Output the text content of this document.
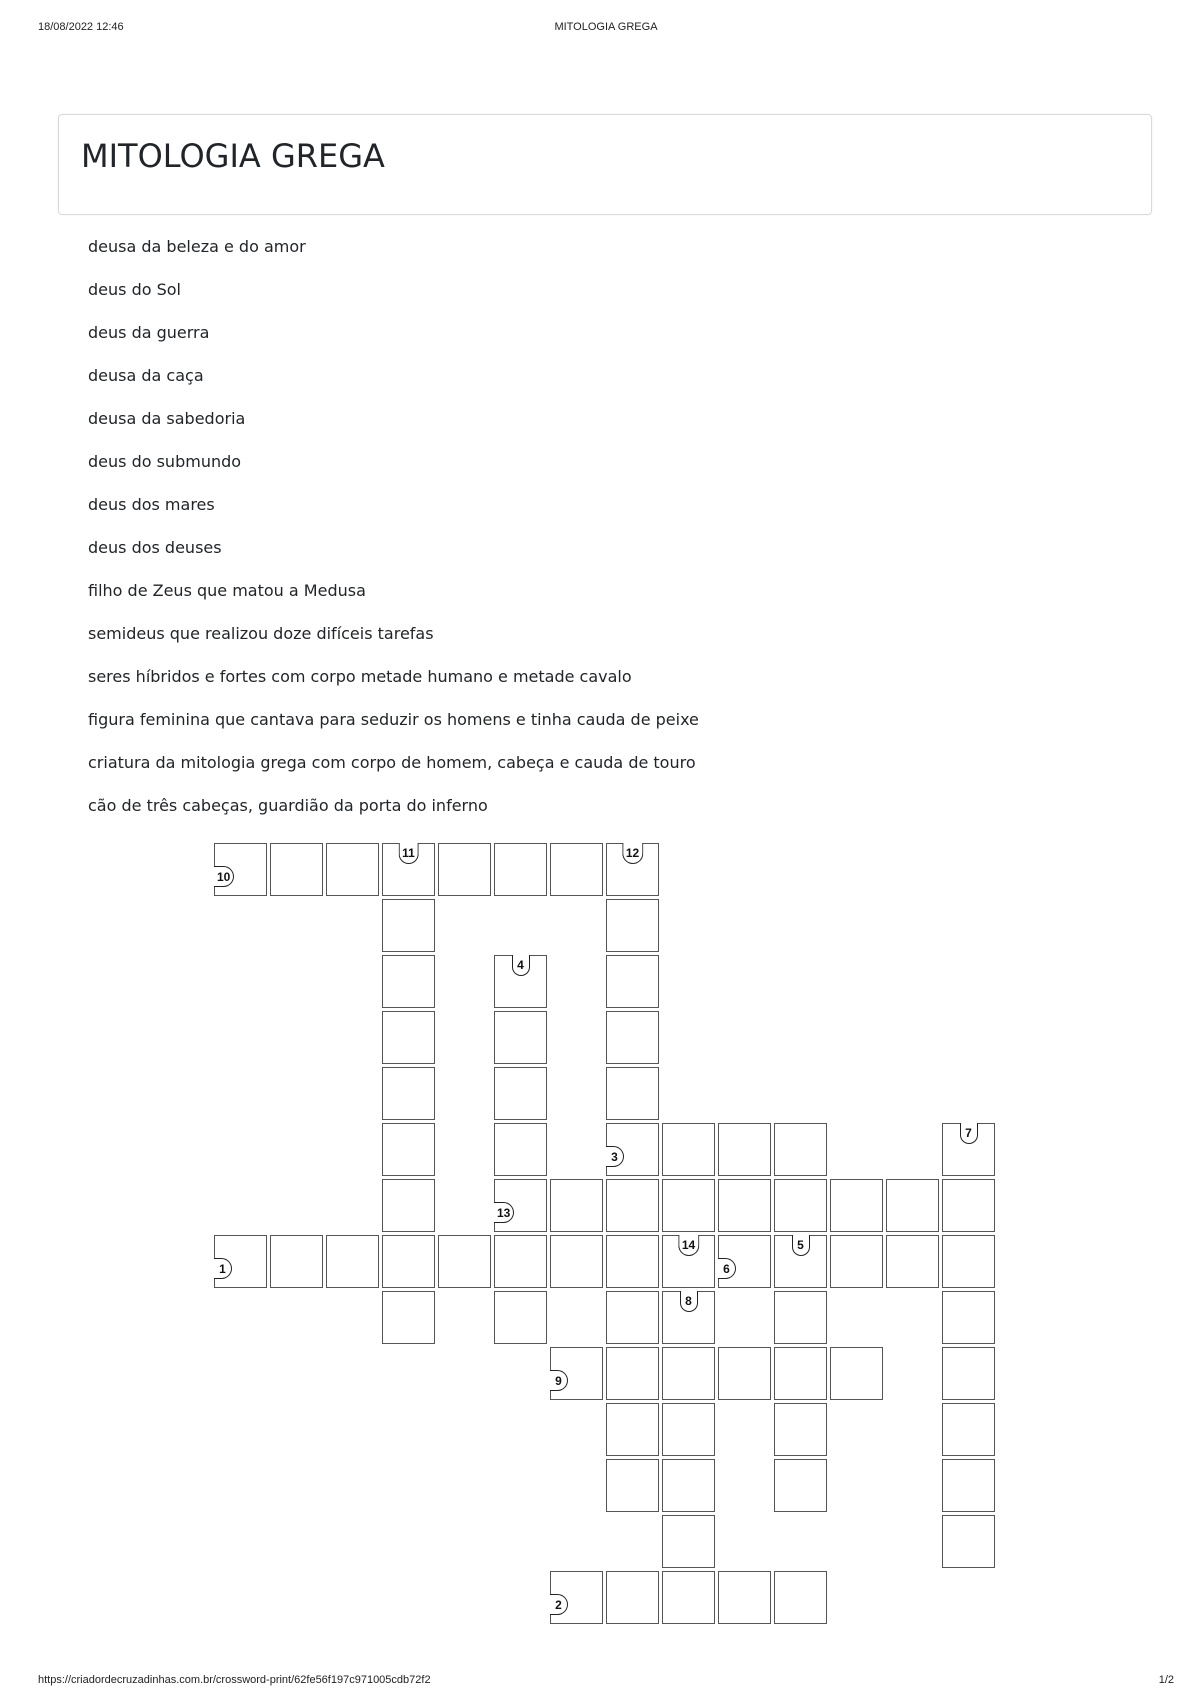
18/08/2022 12:46	MITOLOGIA GREGA
MITOLOGIA GREGA
deusa da beleza e do amor
deus do Sol
deus da guerra
deusa da caça
deusa da sabedoria
deus do submundo
deus dos mares
deus dos deuses
filho de Zeus que matou a Medusa
semideus que realizou doze difíceis tarefas
seres híbridos e fortes com corpo metade humano e metade cavalo
figura feminina que cantava para seduzir os homens e tinha cauda de peixe
criatura da mitologia grega com corpo de homem, cabeça e cauda de touro
cão de três cabeças, guardião da porta do inferno
10
11	12
3
4
13
1
14
6
5
7
8
9
2
https://criadordecruzadinhas.com.br/crossword-print/62fe56f197c971005cdb72f2	1/2
